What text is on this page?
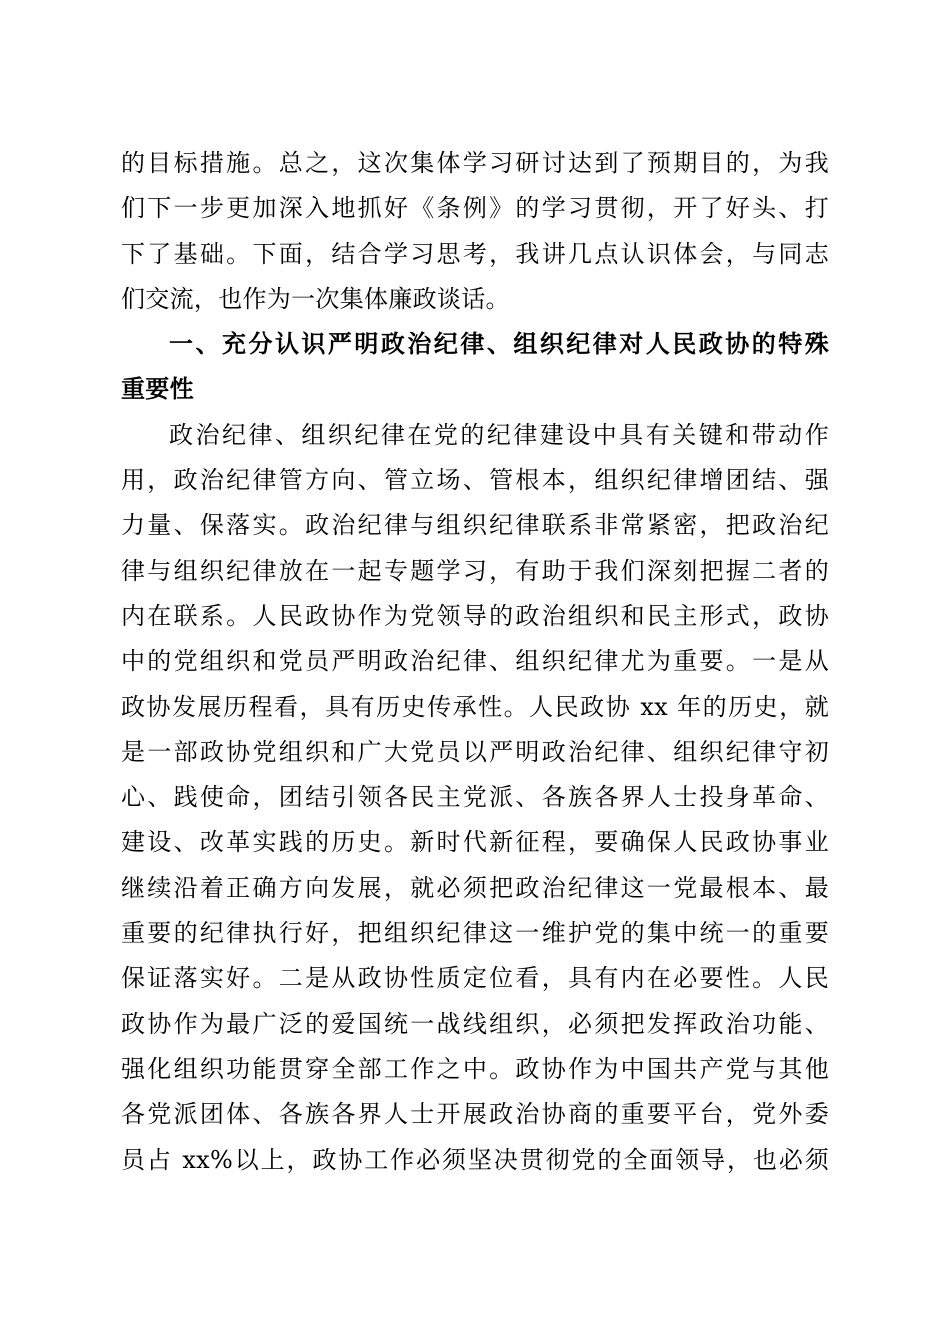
的目标措施。总之，这次集体学习研讨达到了预期目的，为我
们下一步更加深入地抓好《条例》的学习贯彻，开了好头、打
下了基础。下面，结合学习思考，我讲几点认识体会，与同志
们交流，也作为一次集体廉政谈话。
一、充分认识严明政治纪律、组织纪律对人民政协的特殊
重要性
政治纪律、组织纪律在党的纪律建设中具有关键和带动作
用，政治纪律管方向、管立场、管根本，组织纪律增团结、强
力量、保落实。政治纪律与组织纪律联系非常紧密，把政治纪
律与组织纪律放在一起专题学习，有助于我们深刻把握二者的
内在联系。人民政协作为党领导的政治组织和民主形式，政协
中的党组织和党员严明政治纪律、组织纪律尤为重要。一是从
政协发展历程看，具有历史传承性。人民政协 xx 年的历史，就
是一部政协党组织和广大党员以严明政治纪律、组织纪律守初
心、践使命，团结引领各民主党派、各族各界人士投身革命、
建设、改革实践的历史。新时代新征程，要确保人民政协事业
继续沿着正确方向发展，就必须把政治纪律这一党最根本、最
重要的纪律执行好，把组织纪律这一维护党的集中统一的重要
保证落实好。二是从政协性质定位看，具有内在必要性。人民
政协作为最广泛的爱国统一战线组织，必须把发挥政治功能、
强化组织功能贯穿全部工作之中。政协作为中国共产党与其他
各党派团体、各族各界人士开展政治协商的重要平台，党外委
员占 xx%以上，政协工作必须坚决贯彻党的全面领导，也必须
